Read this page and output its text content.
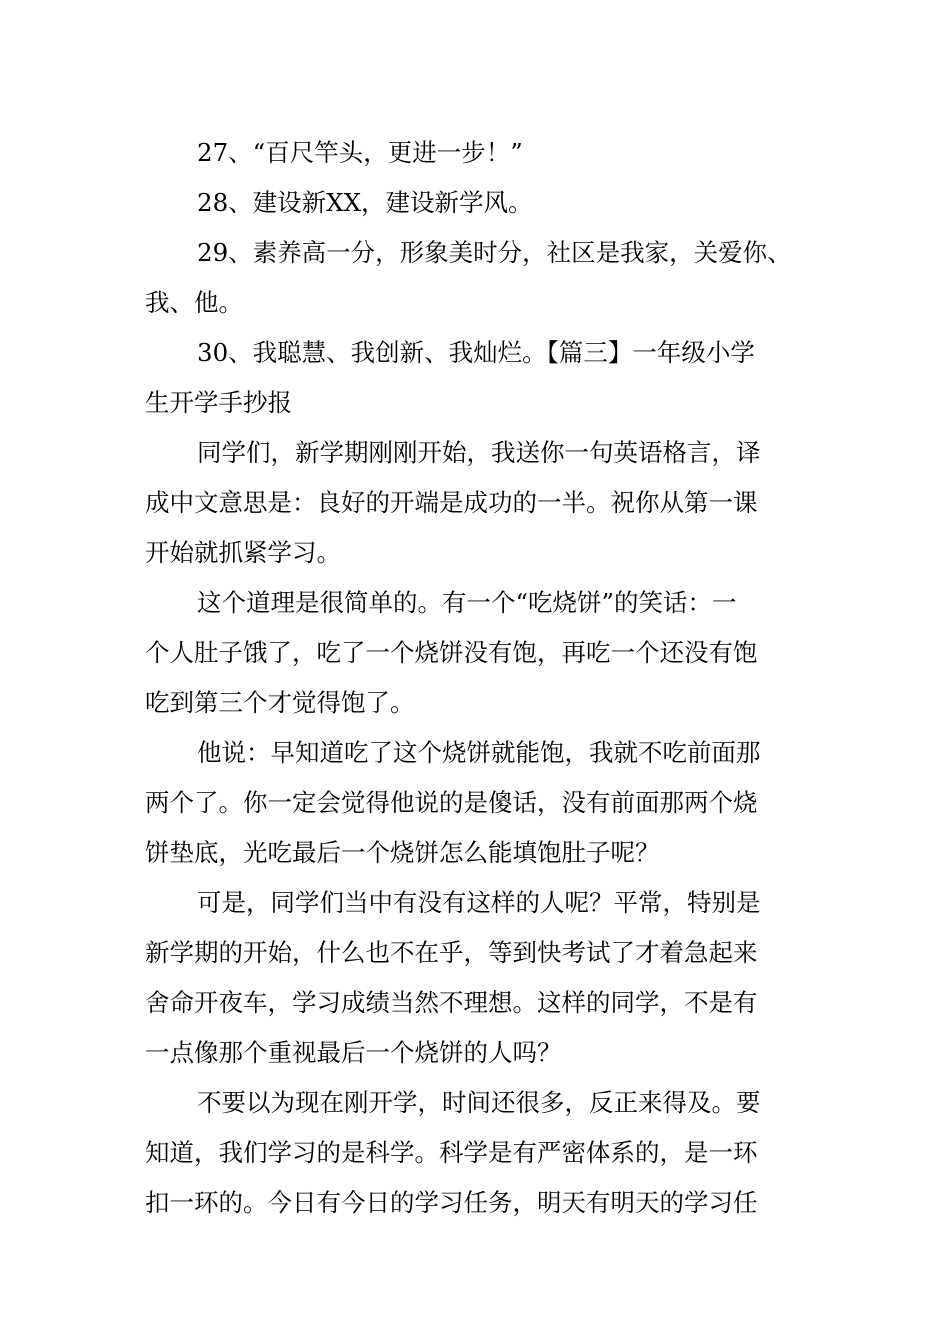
27、“百尺竿头，更进一步！”

28、建设新XX，建设新学风。

29、素养高一分，形象美时分，社区是我家，关爱你、
我、他。

30、我聪慧、我创新、我灿烂。【篇三】一年级小学
生开学手抄报

同学们，新学期刚刚开始，我送你一句英语格言，译
成中文意思是：良好的开端是成功的一半。祝你从第一课
开始就抓紧学习。

这个道理是很简单的。有一个“吃烧饼”的笑话：一
个人肚子饿了，吃了一个烧饼没有饱，再吃一个还没有饱
吃到第三个才觉得饱了。

他说：早知道吃了这个烧饼就能饱，我就不吃前面那
两个了。你一定会觉得他说的是傻话，没有前面那两个烧
饼垫底，光吃最后一个烧饼怎么能填饱肚子呢？

可是，同学们当中有没有这样的人呢？平常，特别是
新学期的开始，什么也不在乎，等到快考试了才着急起来
舍命开夜车，学习成绩当然不理想。这样的同学，不是有
一点像那个重视最后一个烧饼的人吗？

不要以为现在刚开学，时间还很多，反正来得及。要
知道，我们学习的是科学。科学是有严密体系的，是一环
扣一环的。今日有今日的学习任务，明天有明天的学习任
